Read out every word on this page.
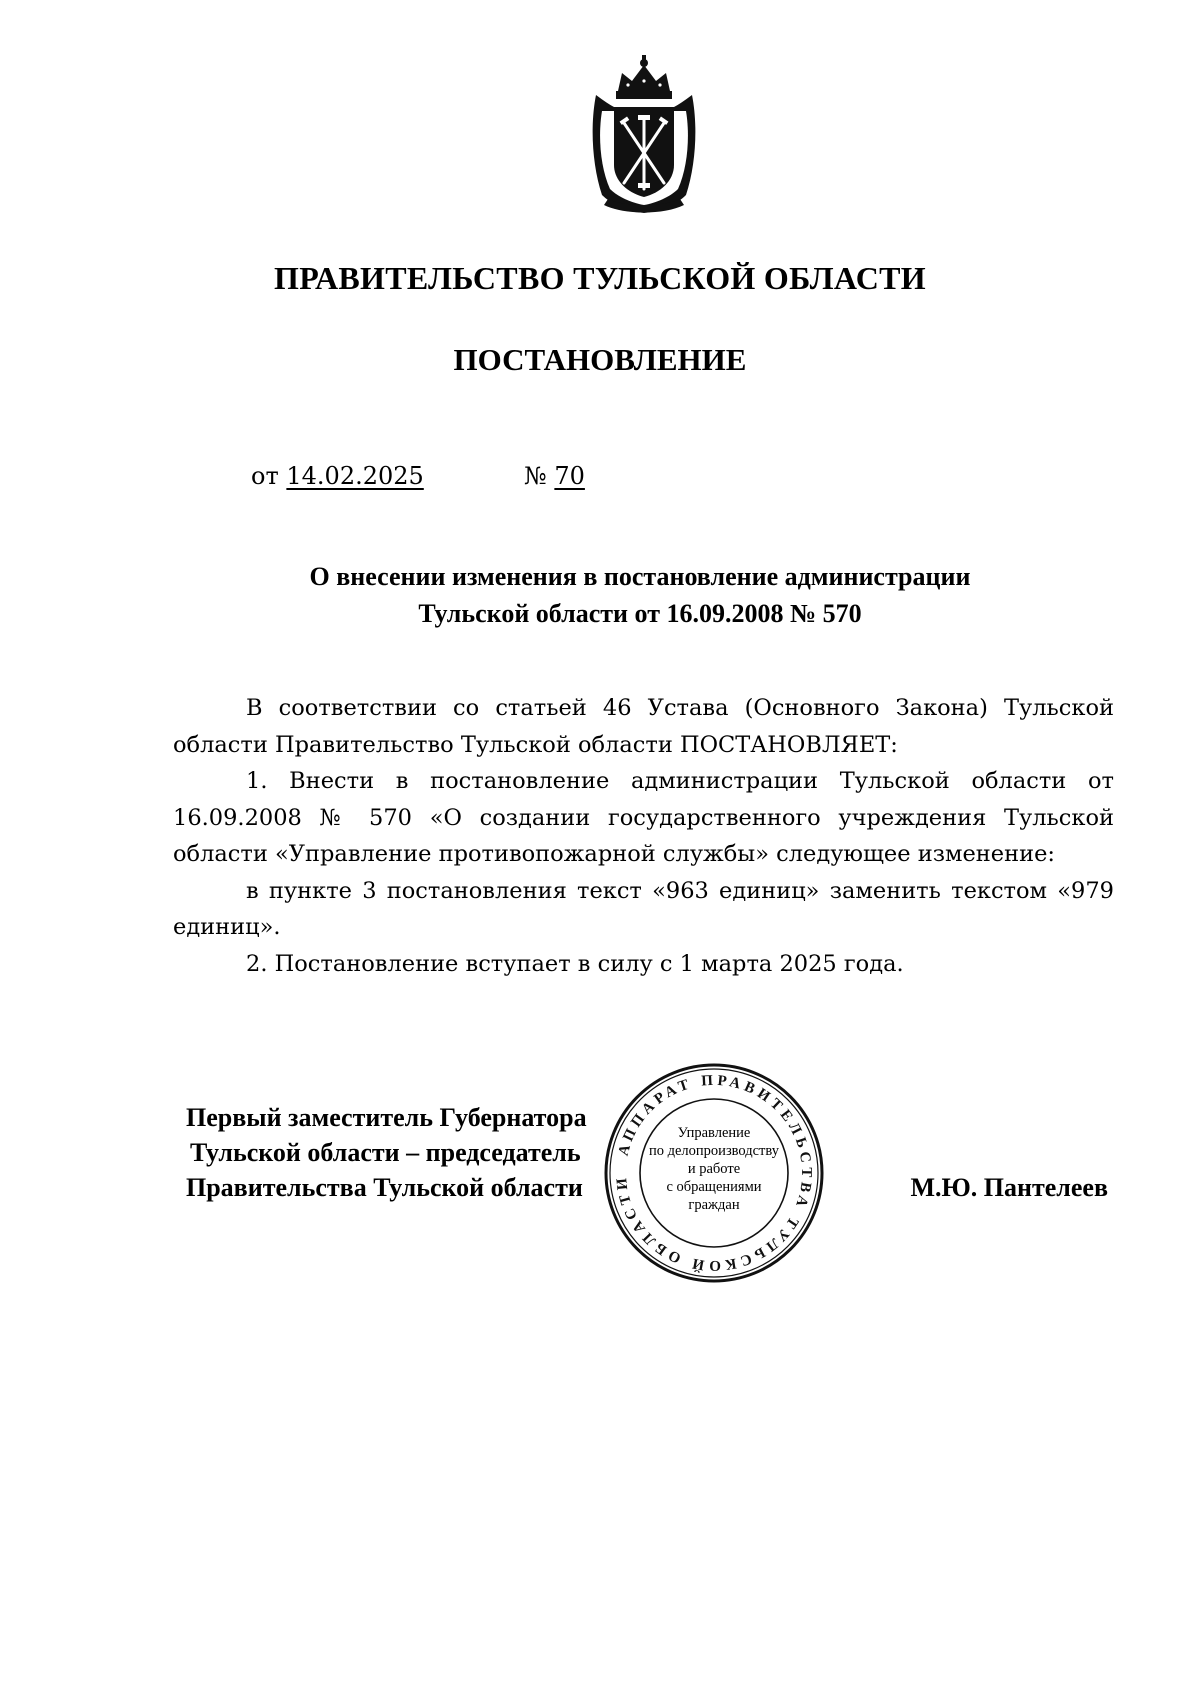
ПРАВИТЕЛЬСТВО ТУЛЬСКОЙ ОБЛАСТИ
ПОСТАНОВЛЕНИЕ
от 14.02.2025	№ 70
О внесении изменения в постановление администрации
Тульской области от 16.09.2008 № 570

В соответствии со статьей 46 Устава (Основного Закона) Тульской области Правительство Тульской области ПОСТАНОВЛЯЕТ:

1. Внести в постановление администрации Тульской области от 16.09.2008 № 570 «О создании государственного учреждения Тульской области «Управление противопожарной службы» следующее изменение:

в пункте 3 постановления текст «963 единиц» заменить текстом «979 единиц».

2. Постановление вступает в силу с 1 марта 2025 года.

Первый заместитель Губернатора
Тульской области – председатель
Правительства Тульской области	М.Ю. Пантелеев
АППАРАТ ПРАВИТЕЛЬСТВА ТУЛЬСКОЙ ОБЛАСТИ
Управление
по делопроизводству
и работе
с обращениями
граждан
